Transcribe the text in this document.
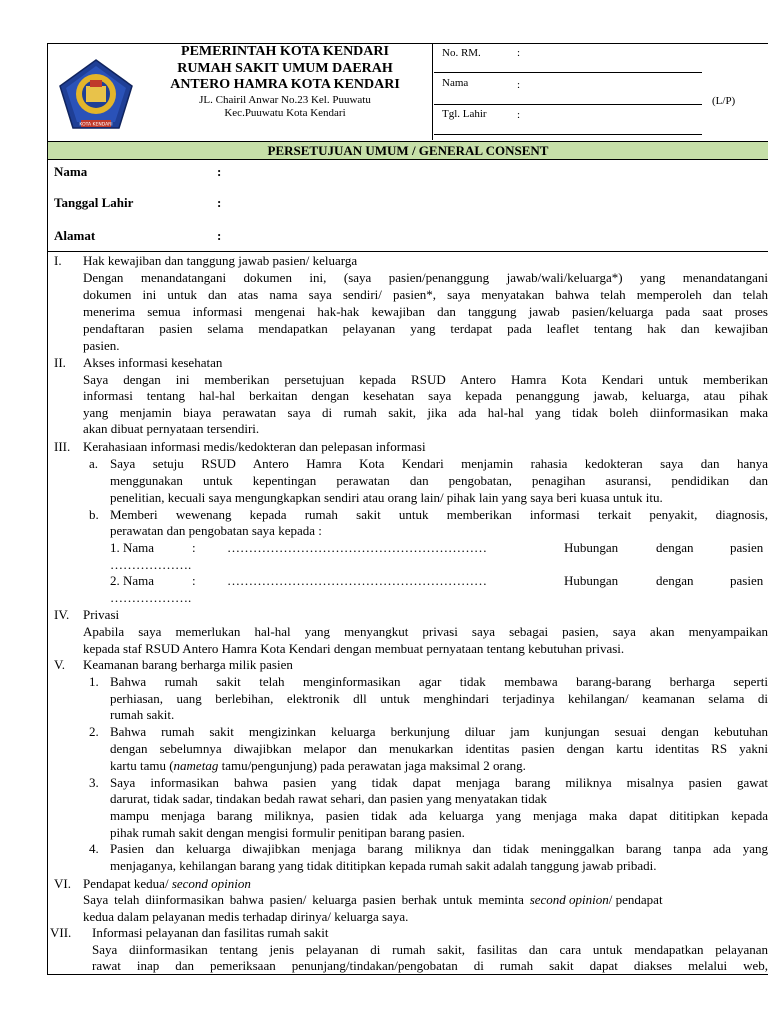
KOTA KENDARI
PEMERINTAH KOTA KENDARI
RUMAH SAKIT UMUM DAERAH
ANTERO HAMRA KOTA KENDARI
JL. Chairil Anwar No.23 Kel. Puuwatu
Kec.Puuwatu Kota Kendari
No. RM.	:
Nama	:
(L/P)
Tgl. Lahir	:
PERSETUJUAN UMUM / GENERAL CONSENT
Nama	:
Tanggal Lahir	:
Alamat	:
I. Hak kewajiban dan tanggung jawab pasien/ keluarga
Dengan menandatangani dokumen ini, (saya pasien/penanggung jawab/wali/keluarga*) yang menandatangani
dokumen ini untuk dan atas nama saya sendiri/ pasien*, saya menyatakan bahwa telah memperoleh dan telah
menerima semua informasi mengenai hak-hak kewajiban dan tanggung jawab pasien/keluarga pada saat proses
pendaftaran pasien selama mendapatkan pelayanan yang terdapat pada leaflet tentang hak dan kewajiban
pasien.
II. Akses informasi kesehatan
Saya dengan ini memberikan persetujuan kepada RSUD Antero Hamra Kota Kendari untuk memberikan
informasi tentang hal-hal berkaitan dengan kesehatan saya kepada penanggung jawab, keluarga, atau pihak
yang menjamin biaya perawatan saya di rumah sakit, jika ada hal-hal yang tidak boleh diinformasikan maka
akan dibuat pernyataan tersendiri.
III. Kerahasiaan informasi medis/kedokteran dan pelepasan informasi
a. Saya setuju RSUD Antero Hamra Kota Kendari menjamin rahasia kedokteran saya dan hanya
menggunakan untuk kepentingan perawatan dan pengobatan, penagihan asuransi, pendidikan dan
penelitian, kecuali saya mengungkapkan sendiri atau orang lain/ pihak lain yang saya beri kuasa untuk itu.
b. Memberi wewenang kepada rumah sakit untuk memberikan informasi terkait penyakit, diagnosis,
perawatan dan pengobatan saya kepada :
1. Nama	: ……………………………………………………	Hubungan	dengan	pasien
……………….
2. Nama	: ……………………………………………………	Hubungan	dengan	pasien
……………….
IV. Privasi
Apabila saya memerlukan hal-hal yang menyangkut privasi saya sebagai pasien, saya akan menyampaikan
kepada staf RSUD Antero Hamra Kota Kendari dengan membuat pernyataan tentang kebutuhan privasi.
V. Keamanan barang berharga milik pasien
1. Bahwa rumah sakit telah menginformasikan agar tidak membawa barang-barang berharga seperti
perhiasan, uang berlebihan, elektronik dll untuk menghindari terjadinya kehilangan/ keamanan selama di
rumah sakit.
2. Bahwa rumah sakit mengizinkan keluarga berkunjung diluar jam kunjungan sesuai dengan kebutuhan
dengan sebelumnya diwajibkan melapor dan menukarkan identitas pasien dengan kartu identitas RS yakni
kartu tamu (nametag tamu/pengunjung) pada perawatan jaga maksimal 2 orang.
3. Saya informasikan bahwa pasien yang tidak dapat menjaga barang miliknya misalnya pasien gawat
darurat, tidak sadar, tindakan bedah rawat sehari, dan pasien yang menyatakan tidak
mampu menjaga barang miliknya, pasien tidak ada keluarga yang menjaga maka dapat dititipkan kepada
pihak rumah sakit dengan mengisi formulir penitipan barang pasien.
4. Pasien dan keluarga diwajibkan menjaga barang miliknya dan tidak meninggalkan barang tanpa ada yang
menjaganya, kehilangan barang yang tidak dititipkan kepada rumah sakit adalah tanggung jawab pribadi.
VI. Pendapat kedua/ second opinion
Saya telah diinformasikan bahwa pasien/ keluarga pasien berhak untuk meminta second opinion / pendapat
kedua dalam pelayanan medis terhadap dirinya/ keluarga saya.
VII. Informasi pelayanan dan fasilitas rumah sakit
Saya diinformasikan tentang jenis pelayanan di rumah sakit, fasilitas dan cara untuk mendapatkan pelayanan
rawat inap dan pemeriksaan penunjang/tindakan/pengobatan di rumah sakit dapat diakses melalui web,
